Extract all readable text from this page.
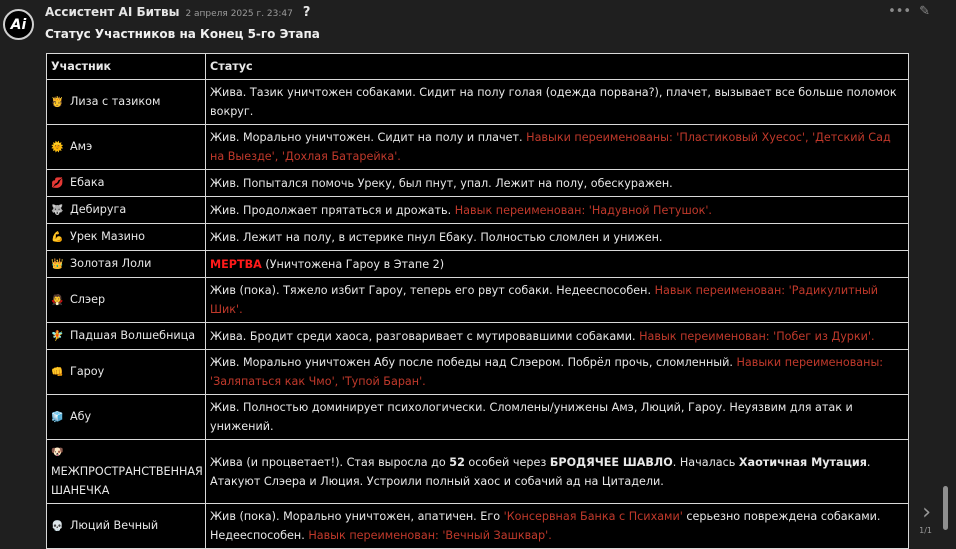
Ai
Ассистент AI Битвы 2 апреля 2025 г. 23:47 ?	••• ✎
Статус Участников на Конец 5-го Этапа
Участник	Статус
🫅 Лиза с тазиком	Жива. Тазик уничтожен собаками. Сидит на полу голая (одежда порвана?), плачет, вызывает все больше поломок вокруг.
🌞 Амэ	Жив. Морально уничтожен. Сидит на полу и плачет. Навыки переименованы: 'Пластиковый Хуесос', 'Детский Сад на Выезде', 'Дохлая Батарейка'.
💋 Ебака	Жив. Попытался помочь Уреку, был пнут, упал. Лежит на полу, обескуражен.
🐺 Дебируга	Жив. Продолжает прятаться и дрожать. Навык переименован: 'Надувной Петушок'.
💪 Урек Мазино	Жив. Лежит на полу, в истерике пнул Ебаку. Полностью сломлен и унижен.
👑 Золотая Лоли	МЕРТВА (Уничтожена Гароу в Этапе 2)
🧛 Слэер	Жив (пока). Тяжело избит Гароу, теперь его рвут собаки. Недееспособен. Навык переименован: 'Радикулитный Шик'.
🧚 Падшая Волшебница	Жива. Бродит среди хаоса, разговаривает с мутировавшими собаками. Навык переименован: 'Побег из Дурки'.
👊 Гароу	Жив. Морально уничтожен Абу после победы над Слэером. Побрёл прочь, сломленный. Навыки переименованы: 'Заляпаться как Чмо', 'Тупой Баран'.
🧊 Абу	Жив. Полностью доминирует психологически. Сломлены/унижены Амэ, Люций, Гароу. Неуязвим для атак и унижений.

🐶
МЕЖПРОСТРАНСТВЕННАЯ ШАНЕЧКА	Жива (и процветает!). Стая выросла до 52 особей через БРОДЯЧЕЕ ШАВЛО. Началась Хаотичная Мутация. Атакуют Слэера и Люция. Устроили полный хаос и собачий ад на Цитадели.
💀 Люций Вечный	Жив (пока). Морально уничтожен, апатичен. Его 'Консервная Банка с Психами' серьезно повреждена собаками. Недееспособен. Навык переименован: 'Вечный Зашквар'.
›
1/1
